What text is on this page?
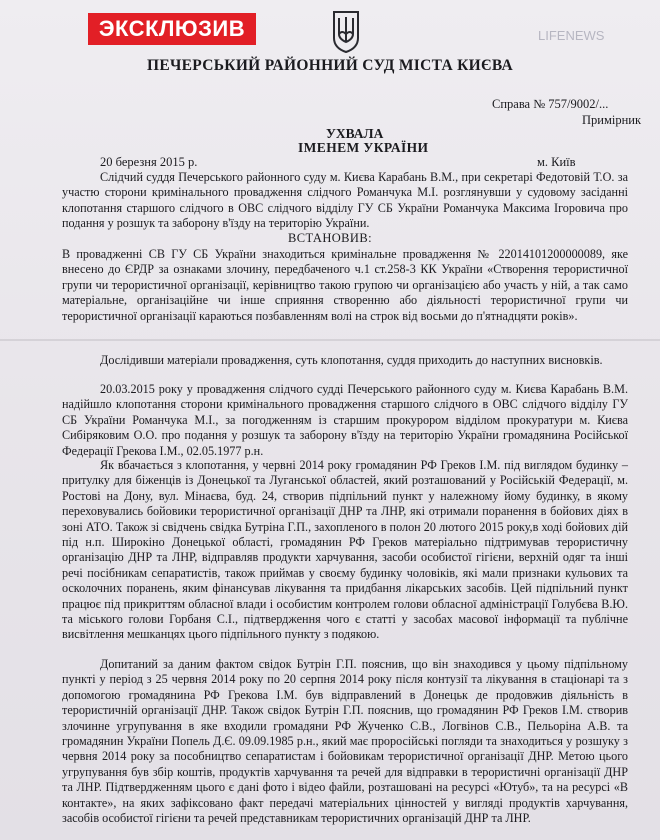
ЭКСКЛЮЗИВ	LIFENEWS
ПЕЧЕРСЬКИЙ РАЙОННИЙ СУД МІСТА КИЄВА
Справа № 757/9002/...
Примірник
УХВАЛА
ІМЕНЕМ УКРАЇНИ
20 березня 2015 р.	м. Київ
Слідчий суддя Печерського районного суду м. Києва Карабань В.М., при секретарі Федотовій Т.О. за участю сторони кримінального провадження слідчого Романчука М.І. розглянувши у судовому засіданні клопотання старшого слідчого в ОВС слідчого відділу ГУ СБ України Романчука Максима Ігоровича про подання у розшук та заборону в'їзду на територію України.
ВСТАНОВИВ:
В провадженні СВ ГУ СБ України знаходиться кримінальне провадження № 22014101200000089, яке внесено до ЄРДР за ознаками злочину, передбаченого ч.1 ст.258-3 КК України «Створення терористичної групи чи терористичної організації, керівництво такою групою чи організацією або участь у ній, а так само матеріальне, організаційне чи інше сприяння створенню або діяльності терористичної групи чи терористичної організації караються позбавленням волі на строк від восьми до п'ятнадцяти років».
Дослідивши матеріали провадження, суть клопотання, суддя приходить до наступних висновків.
20.03.2015 року у провадження слідчого судді Печерського районного суду м. Києва Карабань В.М. надійшло клопотання сторони кримінального провадження старшого слідчого в ОВС слідчого відділу ГУ СБ України Романчука М.І., за погодженням із старшим прокурором відділом прокуратури м. Києва Сибіряковим О.О. про подання у розшук та заборону в'їзду на територію України громадянина Російської Федерації Грекова І.М., 02.05.1977 р.н.
Як вбачається з клопотання, у червні 2014 року громадянин РФ Греков І.М. під виглядом будинку – притулку для біженців із Донецької та Луганської областей, який розташований у Російській Федерації, м. Ростові на Дону, вул. Мінаєва, буд. 24, створив підпільний пункт у належному йому будинку, в якому переховувались бойовики терористичної організації ДНР та ЛНР, які отримали поранення в бойових діях в зоні АТО. Також зі свідчень свідка Бутріна Г.П., захопленого в полон 20 лютого 2015 року,в ході бойових дій під н.п. Широкіно Донецької області, громадянин РФ Греков матеріально підтримував терористичну організацію ДНР та ЛНР, відправляв продукти харчування, засоби особистої гігієни, верхній одяг та інші речі посібникам сепаратистів, також приймав у своєму будинку чоловіків, які мали признаки кульових та осколочних поранень, яким фінансував лікування та придбання лікарських засобів. Цей підпільний пункт працює під прикриттям обласної влади і особистим контролем голови обласної адміністрації Голубєва В.Ю. та міського голови Горбаня С.І., підтвердження чого є статті у засобах масової інформації та публічне висвітлення мешканцях цього підпільного пункту з подякою.
Допитаний за даним фактом свідок Бутрін Г.П. пояснив, що він знаходився у цьому підпільному пункті у період з 25 червня 2014 року по 20 серпня 2014 року після контузії та лікування в стаціонарі та з допомогою громадянина РФ Грекова І.М. був відправлений в Донецьк де продовжив діяльність в терористичній організації ДНР. Також свідок Бутрін Г.П. пояснив, що громадянин РФ Греков І.М. створив злочинне угрупування в яке входили громадяни РФ Жученко С.В., Логвінов С.В., Пельоріна А.В. та громадянин України Попель Д.Є. 09.09.1985 р.н., який має проросійські погляди та знаходиться у розшуку з червня 2014 року за пособництво сепаратистам і бойовикам терористичної організації ДНР. Метою цього угрупування був збір коштів, продуктів харчування та речей для відправки в терористичні організації ДНР та ЛНР. Підтвердженням цього є дані фото і відео файли, розташовані на ресурсі «Ютуб», та на ресурсі «В контакте», на яких зафіксовано факт передачі матеріальних цінностей у вигляді продуктів харчування, засобів особистої гігієни та речей представникам терористичних організацій ДНР та ЛНР.
